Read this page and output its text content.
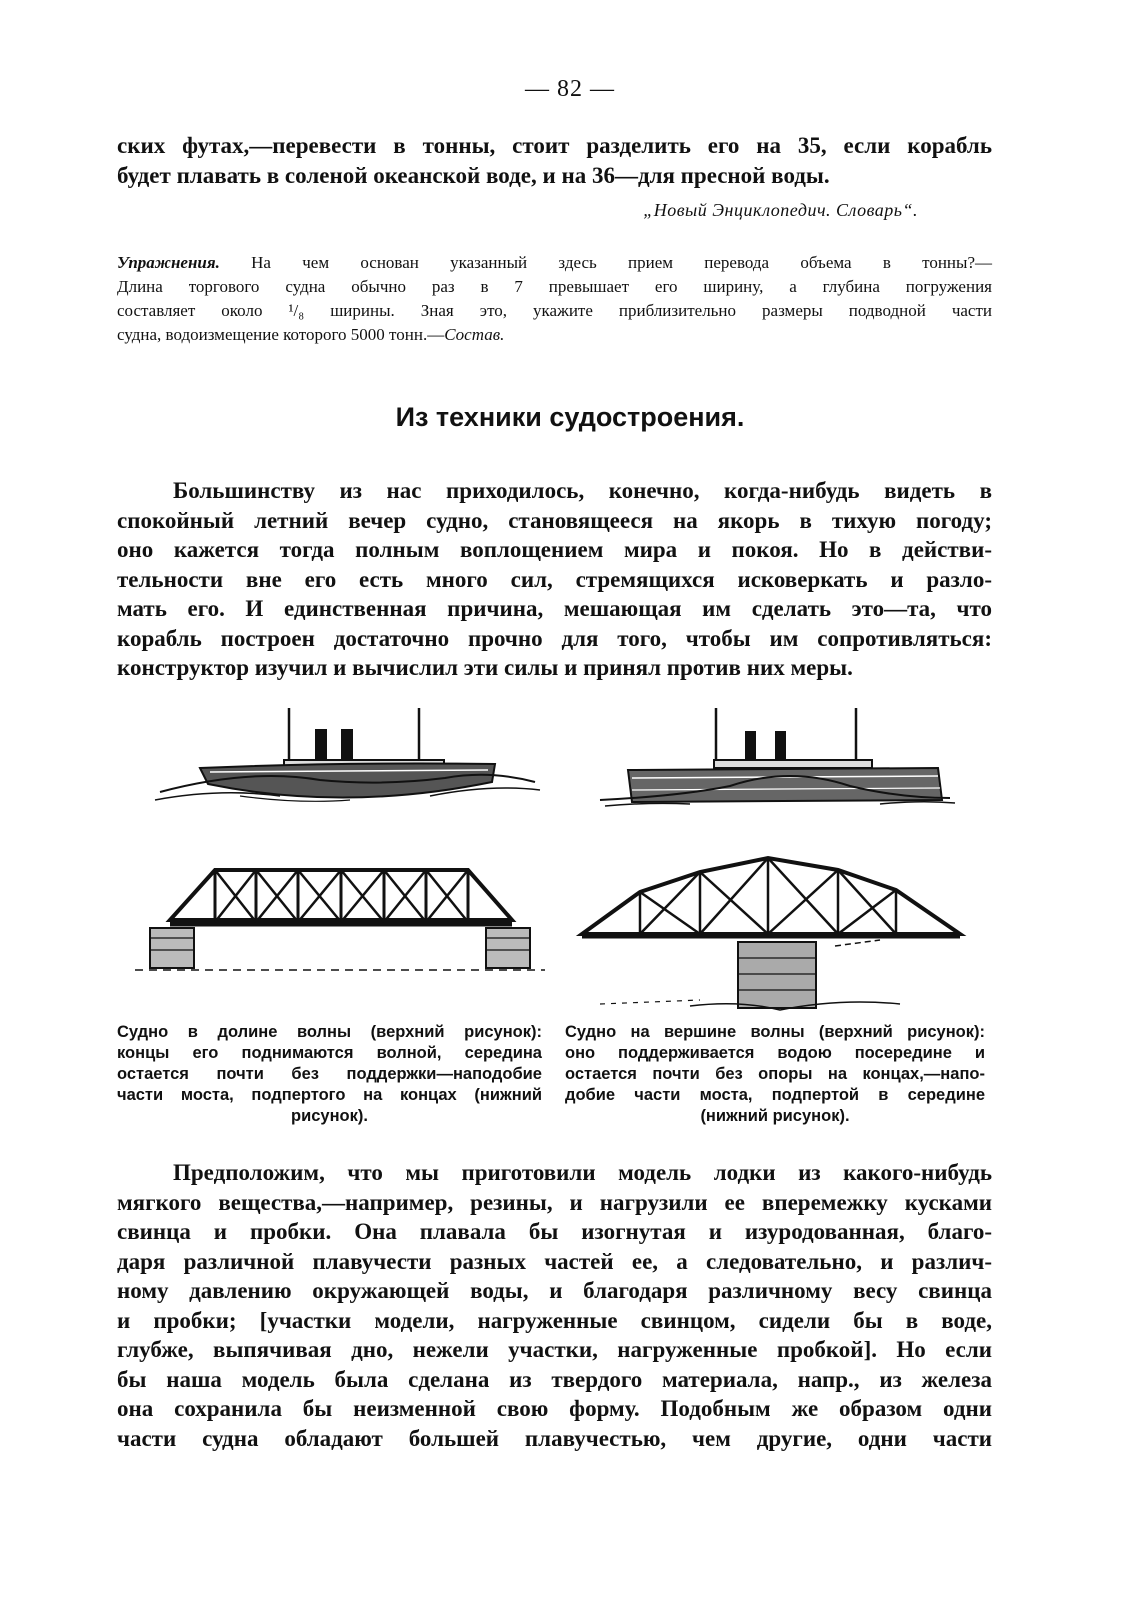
— 82 —
ских футах,—перевести в тонны, стоит разделить его на 35, если корабль
будет плавать в соленой океанской воде, и на 36—для пресной воды.
„Новый Энциклопедич. Словарь“.
Упражнения. На чем основан указанный здесь прием перевода объема в тонны?—
Длина торгового судна обычно раз в 7 превышает его ширину, а глубина погружения
составляет около ¹/₈ ширины. Зная это, укажите приблизительно размеры подводной части
судна, водоизмещение которого 5000 тонн.—Состав.
Из техники судостроения.
Большинству из нас приходилось, конечно, когда-нибудь видеть в
спокойный летний вечер судно, становящееся на якорь в тихую погоду;
оно кажется тогда полным воплощением мира и покоя. Но в действи-
тельности вне его есть много сил, стремящихся исковеркать и разло-
мать его. И единственная причина, мешающая им сделать это—та, что
корабль построен достаточно прочно для того, чтобы им сопротивляться:
конструктор изучил и вычислил эти силы и принял против них меры.
Судно в долине волны (верхний рисунок):
концы его поднимаются волной, середина
остается почти без поддержки—наподобие
части моста, подпертого на концах (нижний
рисунок).
Судно на вершине волны (верхний рисунок):
оно поддерживается водою посередине и
остается почти без опоры на концах,—напо-
добие части моста, подпертой в середине
(нижний рисунок).
Предположим, что мы приготовили модель лодки из какого-нибудь
мягкого вещества,—например, резины, и нагрузили ее вперемежку кусками
свинца и пробки. Она плавала бы изогнутая и изуродованная, благо-
даря различной плавучести разных частей ее, а следовательно, и различ-
ному давлению окружающей воды, и благодаря различному весу свинца
и пробки; [участки модели, нагруженные свинцом, сидели бы в воде,
глубже, выпячивая дно, нежели участки, нагруженные пробкой]. Но если
бы наша модель была сделана из твердого материала, напр., из железа
она сохранила бы неизменной свою форму. Подобным же образом одни
части судна обладают большей плавучестью, чем другие, одни части
